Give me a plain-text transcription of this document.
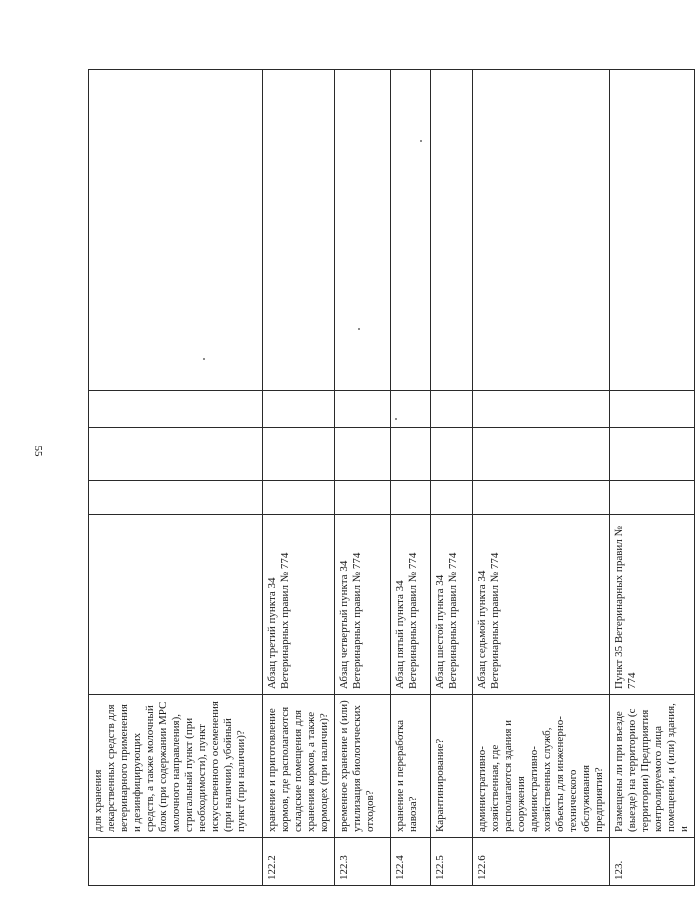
55
	для хранения лекарственных средств для ветеринарного применения и дезинфицирующих средств, а также молочный блок (при содержании МРС молочного направления), стригальный пункт (при необходимости), пункт искусственного осеменения (при наличии), убойный пункт (при наличии)?					
122.2	хранение и приготовление кормов, где располагаются складские помещения для хранения кормов, а также кормоцех (при наличии)?	Абзац третий пункта 34 Ветеринарных правил № 774				
122.3	временное хранение и (или) утилизация биологических отходов?	Абзац четвертый пункта 34 Ветеринарных правил № 774				
122.4	хранение и переработка навоза?	Абзац пятый пункта 34 Ветеринарных правил № 774				
122.5	Карантинирование?	Абзац шестой пункта 34 Ветеринарных правил № 774				
122.6	административно-хозяйственная, где располагаются здания и сооружения административно-хозяйственных служб, объекты для инженерно-технического обслуживания предприятия?	Абзац седьмой пункта 34 Ветеринарных правил № 774				
123.	Размещены ли при въезде (выезде) на территорию (с территории) Предприятия контролируемого лица помещения, и (или) здания, и	Пункт 35 Ветеринарных правил № 774				
